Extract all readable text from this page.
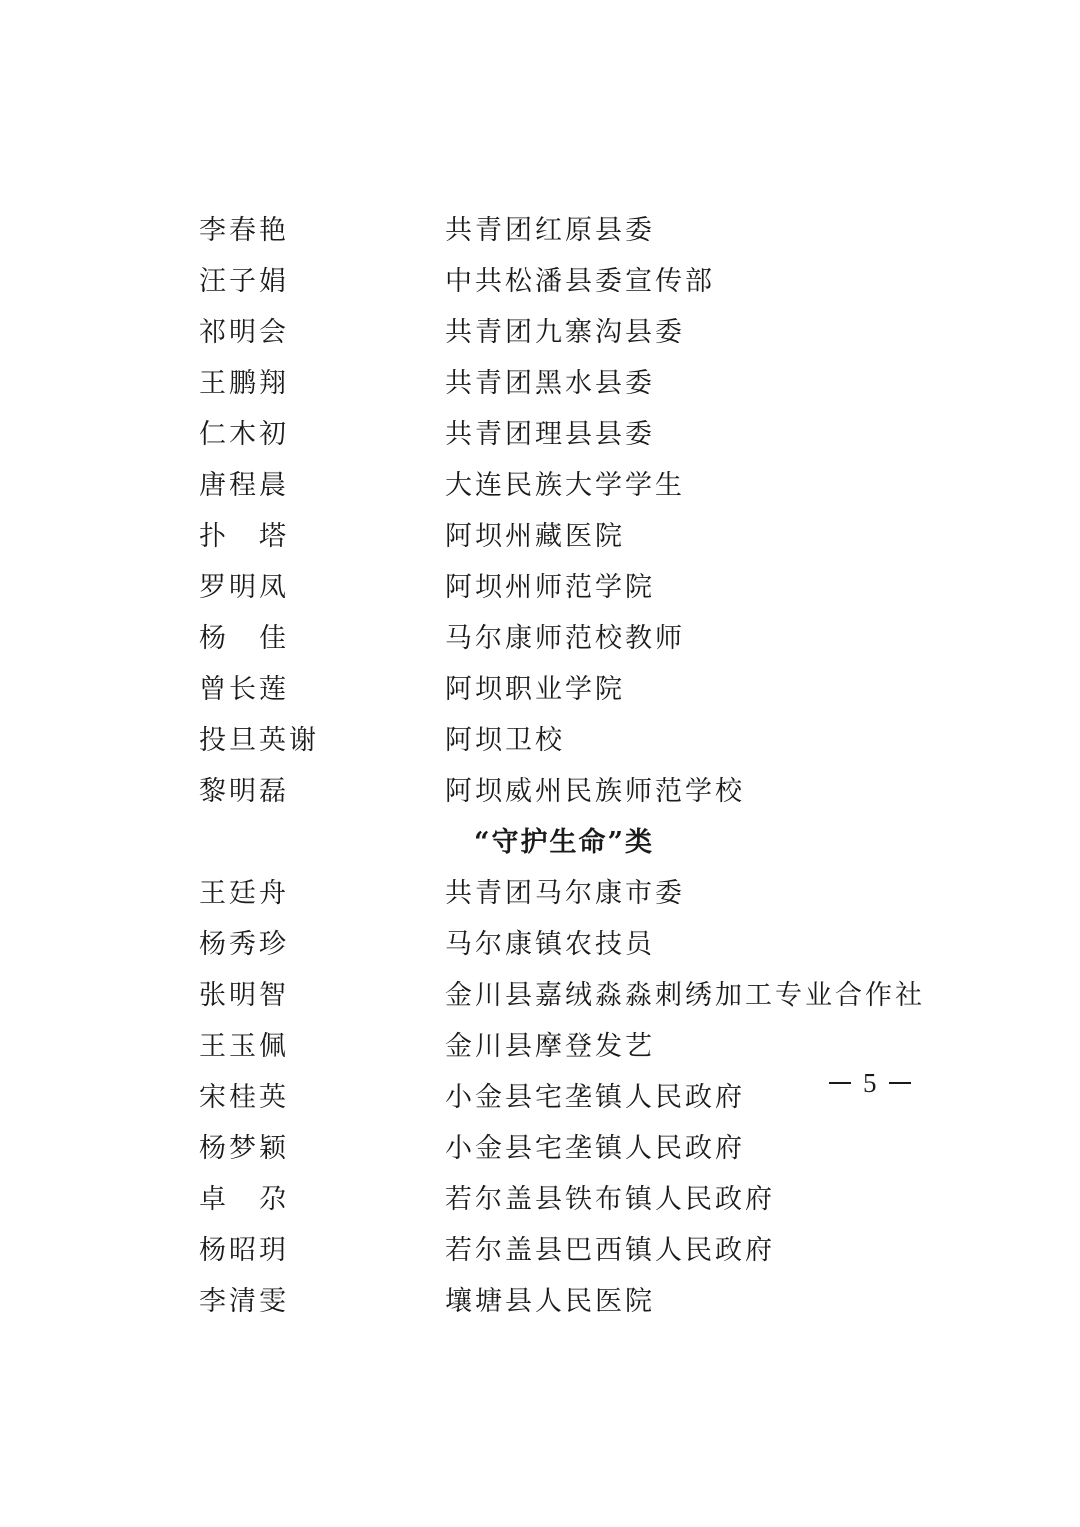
李春艳	共青团红原县委
汪子娟	中共松潘县委宣传部
祁明会	共青团九寨沟县委
王鹏翔	共青团黑水县委
仁木初	共青团理县县委
唐程晨	大连民族大学学生
扑　塔	阿坝州藏医院
罗明凤	阿坝州师范学院
杨　佳	马尔康师范校教师
曾长莲	阿坝职业学院
投旦英谢	阿坝卫校
黎明磊	阿坝威州民族师范学校
“守护生命”类
王廷舟	共青团马尔康市委
杨秀珍	马尔康镇农技员
张明智	金川县嘉绒淼淼刺绣加工专业合作社
王玉佩	金川县摩登发艺
宋桂英	小金县宅垄镇人民政府
杨梦颖	小金县宅垄镇人民政府
卓　尕	若尔盖县铁布镇人民政府
杨昭玥	若尔盖县巴西镇人民政府
李清雯	壤塘县人民医院
5
